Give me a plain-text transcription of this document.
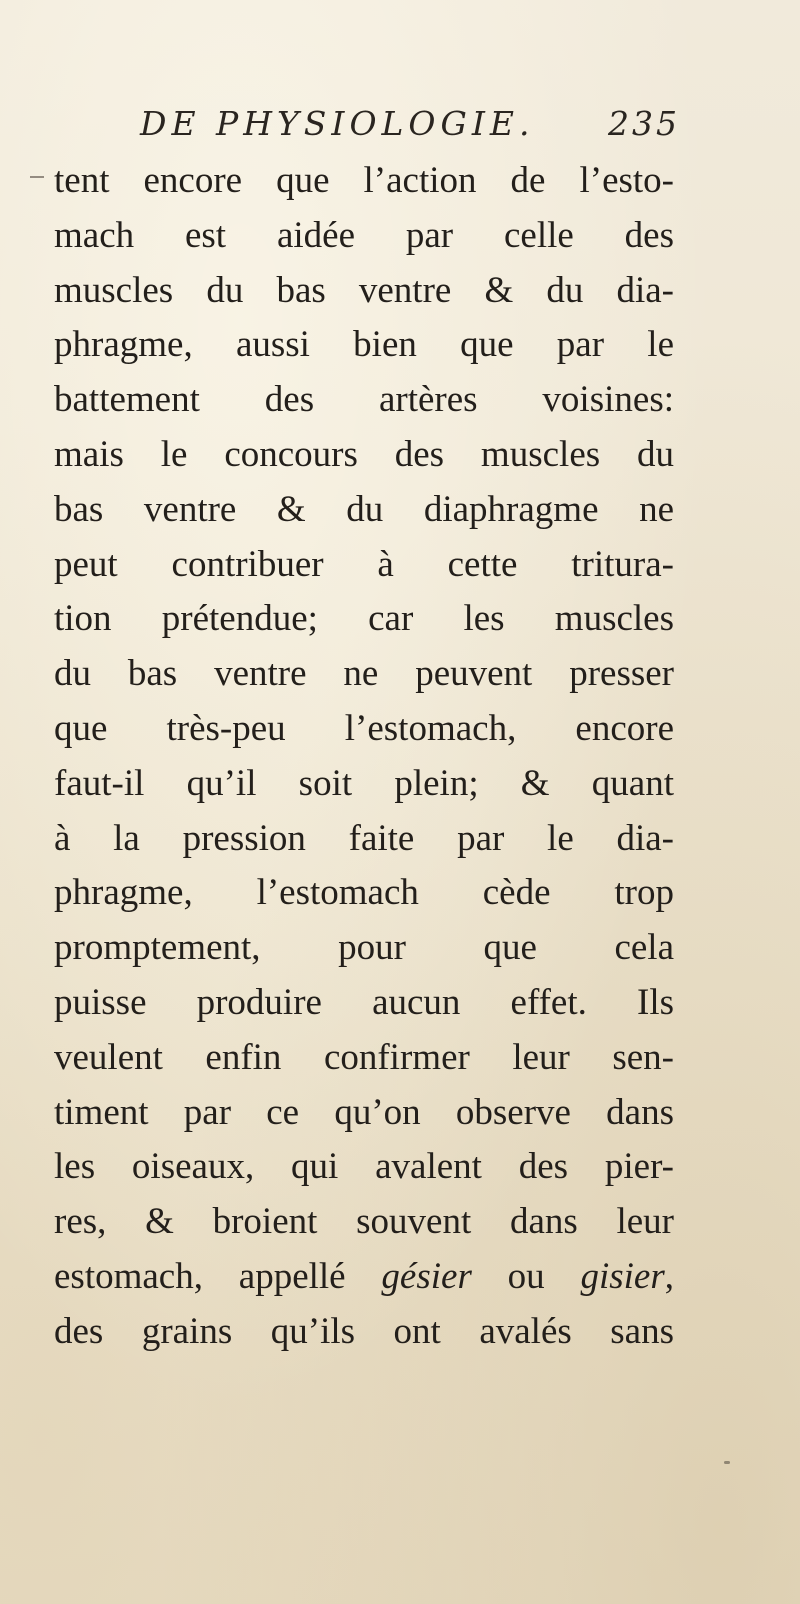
DE PHYSIOLOGIE. 235
tent encore que l’action de l’esto-
mach est aidée par celle des
muscles du bas ventre & du dia-
phragme, aussi bien que par le
battement des artères voisines:
mais le concours des muscles du
bas ventre & du diaphragme ne
peut contribuer à cette tritura-
tion prétendue; car les muscles
du bas ventre ne peuvent presser
que très-peu l’estomach, encore
faut-il qu’il soit plein; & quant
à la pression faite par le dia-
phragme, l’estomach cède trop
promptement, pour que cela
puisse produire aucun effet. Ils
veulent enfin confirmer leur sen-
timent par ce qu’on observe dans
les oiseaux, qui avalent des pier-
res, & broient souvent dans leur
estomach, appellé gésier ou gisier,
des grains qu’ils ont avalés sans
